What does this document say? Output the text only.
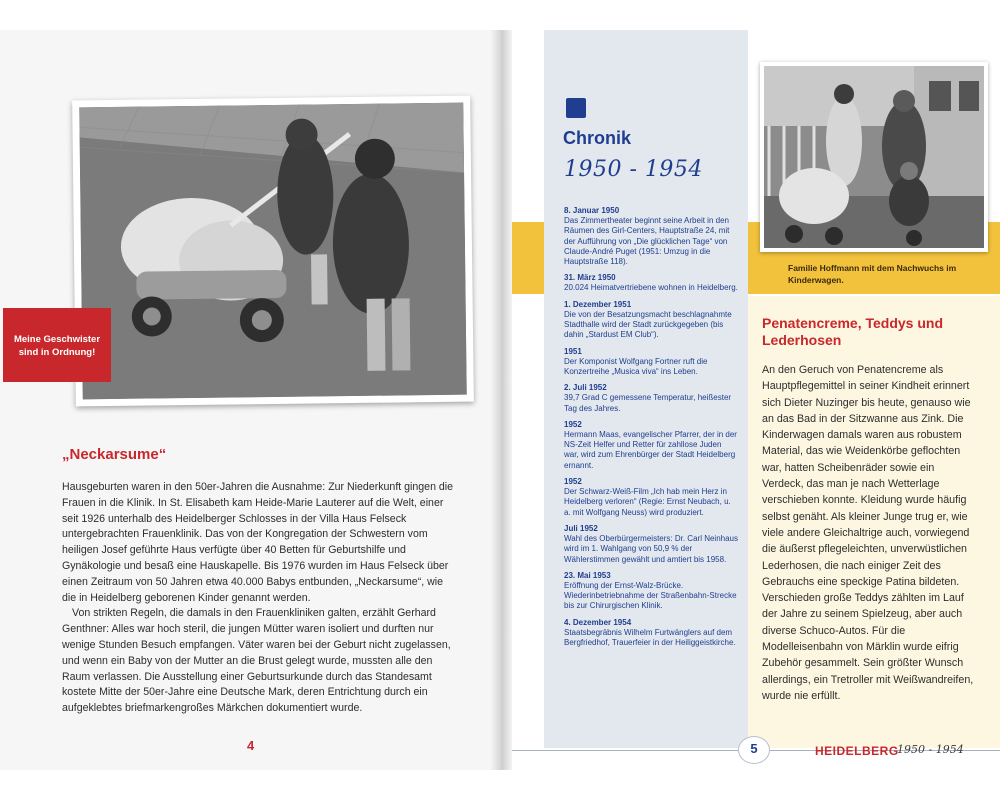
Meine Geschwister
sind in Ordnung!
„Neckarsume“

Hausgeburten waren in den 50er-Jahren die Ausnahme: Zur Niederkunft gingen die Frauen in die Klinik. In St. Elisabeth kam Heide-Marie Lauterer auf die Welt, einer seit 1926 unterhalb des Heidelberger Schlosses in der Villa Haus Felseck untergebrachten Frauenklinik. Das von der Kongregation der Schwestern vom heiligen Josef geführte Haus verfügte über 40 Betten für Geburtshilfe und Gynäkologie und besaß eine Hauskapelle. Bis 1976 wurden im Haus Felseck über einen Zeitraum von 50 Jahren etwa 40.000 Babys entbunden, „Neckarsume“, wie die in Heidelberg geborenen Kinder genannt werden.

Von strikten Regeln, die damals in den Frauenkliniken galten, erzählt Gerhard Genthner: Alles war hoch steril, die jungen Mütter waren isoliert und durften nur wenige Stunden Besuch empfangen. Väter waren bei der Geburt nicht zugelassen, und wenn ein Baby von der Mutter an die Brust gelegt wurde, mussten alle den Raum verlassen. Die Ausstellung einer Geburtsurkunde durch das Standesamt kostete Mitte der 50er-Jahre eine Deutsche Mark, deren Entrichtung durch ein aufgeklebtes briefmarkengroßes Märkchen dokumentiert wurde.

4
Chronik
1950 - 1954
8. Januar 1950
Das Zimmertheater beginnt seine Arbeit in den Räumen des Girl-Centers, Hauptstraße 24, mit der Aufführung von „Die glücklichen Tage“ von Claude-André Puget (1951: Umzug in die Hauptstraße 118).
31. März 1950
20.024 Heimatvertriebene wohnen in Heidelberg.
1. Dezember 1951
Die von der Besatzungsmacht beschlagnahmte Stadthalle wird der Stadt zurückgegeben (bis dahin „Stardust EM Club“).
1951
Der Komponist Wolfgang Fortner ruft die Konzertreihe „Musica viva“ ins Leben.
2. Juli 1952
39,7 Grad C gemessene Temperatur, heißester Tag des Jahres.
1952
Hermann Maas, evangelischer Pfarrer, der in der NS-Zeit Helfer und Retter für zahllose Juden war, wird zum Ehrenbürger der Stadt Heidelberg ernannt.
1952
Der Schwarz-Weiß-Film „Ich hab mein Herz in Heidelberg verloren“ (Regie: Ernst Neubach, u. a. mit Wolfgang Neuss) wird produziert.
Juli 1952
Wahl des Oberbürgermeisters: Dr. Carl Neinhaus wird im 1. Wahlgang von 50,9 % der Wählerstimmen gewählt und amtiert bis 1958.
23. Mai 1953
Eröffnung der Ernst-Walz-Brücke. Wiederinbetriebnahme der Straßenbahn-Strecke bis zur Chirurgischen Klinik.
4. Dezember 1954
Staatsbegräbnis Wilhelm Furtwänglers auf dem Bergfriedhof, Trauerfeier in der Heiliggeistkirche.
Familie Hoffmann mit dem Nachwuchs im Kinderwagen.
Penatencreme, Teddys und Lederhosen
An den Geruch von Penatencreme als Hauptpflegemittel in seiner Kindheit erinnert sich Dieter Nuzinger bis heute, genauso wie an das Bad in der Sitzwanne aus Zink. Die Kinderwagen damals waren aus robustem Material, das wie Weidenkörbe geflochten war, hatten Scheibenräder sowie ein Verdeck, das man je nach Wetterlage verschieben konnte. Kleidung wurde häufig selbst genäht. Als kleiner Junge trug er, wie viele andere Gleichaltrige auch, vorwiegend die äußerst pflegeleichten, unverwüstlichen Lederhosen, die nach einiger Zeit des Gebrauchs eine speckige Patina bildeten. Verschieden große Teddys zählten im Lauf der Jahre zu seinem Spielzeug, aber auch diverse Schuco-Autos. Für die Modelleisenbahn von Märklin wurde eifrig Zubehör gesammelt. Sein größter Wunsch allerdings, ein Tretroller mit Weißwandreifen, wurde nie erfüllt.
5	HEIDELBERG
1950 - 1954
